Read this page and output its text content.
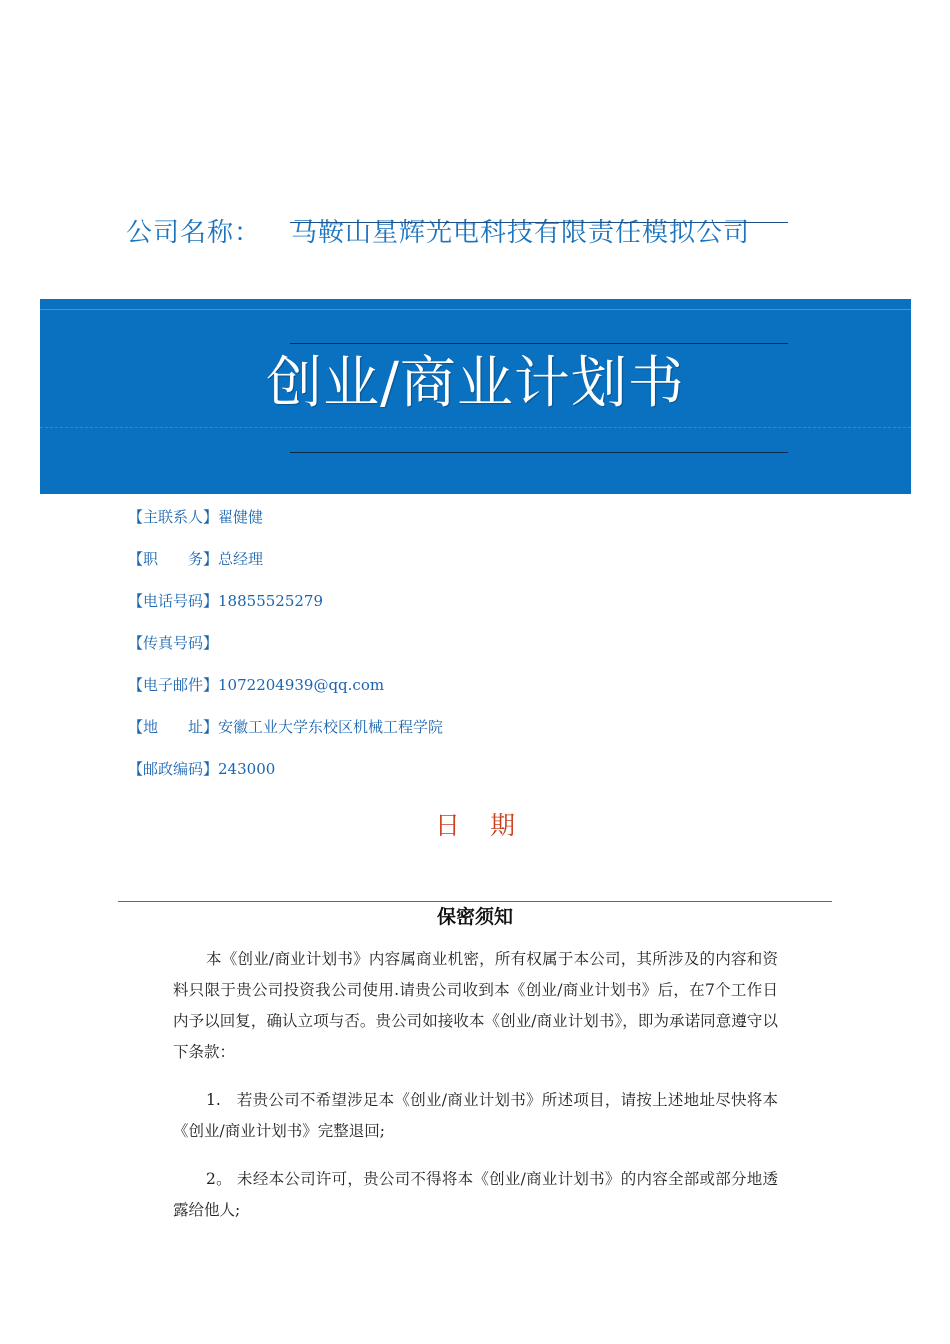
公司名称： 马鞍山星辉光电科技有限责任模拟公司
创业/商业计划书
【主联系人】翟健健
【职　　务】总经理
【电话号码】18855525279
【传真号码】
【电子邮件】1072204939@qq.com
【地　　址】安徽工业大学东校区机械工程学院
【邮政编码】243000
日期
保密须知

本《创业/商业计划书》内容属商业机密，所有权属于本公司，其所涉及的内容和资料只限于贵公司投资我公司使用.请贵公司收到本《创业/商业计划书》后，在7个工作日内予以回复，确认立项与否。贵公司如接收本《创业/商业计划书》，即为承诺同意遵守以下条款：

1.　若贵公司不希望涉足本《创业/商业计划书》所述项目，请按上述地址尽快将本《创业/商业计划书》完整退回;

2。 未经本公司许可，贵公司不得将本《创业/商业计划书》的内容全部或部分地透露给他人;
